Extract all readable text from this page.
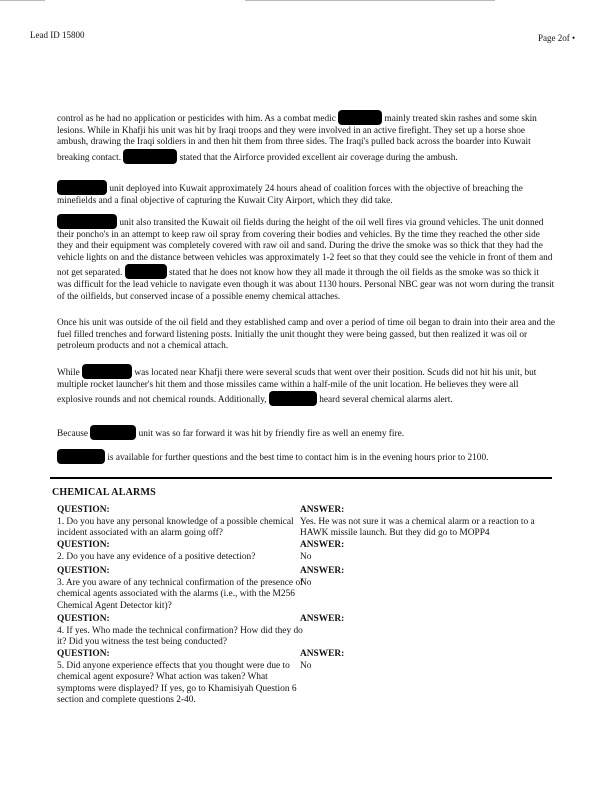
Lead ID 15800	Page 2of •

control as he had no application or pesticides with him. As a combat medic	mainly treated skin rashes and some skin lesions. While in Khafji his unit was hit by Iraqi troops and they were involved in an active firefight. They set up a horse shoe ambush, drawing the Iraqi soldiers in and then hit them from three sides. The Iraqi's pulled back across the boarder into Kuwait breaking contact.	stated that the Airforce provided excellent air coverage during the ambush.

unit deployed into Kuwait approximately 24 hours ahead of coalition forces with the objective of breaching the minefields and a final objective of capturing the Kuwait City Airport, which they did take.

unit also transited the Kuwait oil fields during the height of the oil well fires via ground vehicles. The unit donned their poncho's in an attempt to keep raw oil spray from covering their bodies and vehicles. By the time they reached the other side they and their equipment was completely covered with raw oil and sand. During the drive the smoke was so thick that they had the vehicle lights on and the distance between vehicles was approximately 1-2 feet so that they could see the vehicle in front of them and not get separated.	stated that he does not know how they all made it through the oil fields as the smoke was so thick it was difficult for the lead vehicle to navigate even though it was about 1130 hours. Personal NBC gear was not worn during the transit of the oilfields, but conserved incase of a possible enemy chemical attaches.

Once his unit was outside of the oil field and they established camp and over a period of time oil began to drain into their area and the fuel filled trenches and forward listening posts. Initially the unit thought they were being gassed, but then realized it was oil or petroleum products and not a chemical attach.

While	was located near Khafji there were several scuds that went over their position. Scuds did not hit his unit, but multiple rocket launcher's hit them and those missiles came within a half-mile of the unit location. He believes they were all explosive rounds and not chemical rounds. Additionally,	heard several chemical alarms alert.

Because	unit was so far forward it was hit by friendly fire as well an enemy fire.

is available for further questions and the best time to contact him is in the evening hours prior to 2100.

CHEMICAL ALARMS
QUESTION:
1. Do you have any personal knowledge of a possible chemical incident associated with an alarm going off?
ANSWER:
Yes. He was not sure it was a chemical alarm or a reaction to a HAWK missile launch. But they did go to MOPP4
QUESTION:
2. Do you have any evidence of a positive detection?
ANSWER:
No
QUESTION:
3. Are you aware of any technical confirmation of the presence of chemical agents associated with the alarms (i.e., with the M256 Chemical Agent Detector kit)?
ANSWER:
No
QUESTION:
4. If yes. Who made the technical confirmation? How did they do it? Did you witness the test being conducted?
ANSWER:
QUESTION:
5. Did anyone experience effects that you thought were due to chemical agent exposure? What action was taken? What symptoms were displayed? If yes, go to Khamisiyah Question 6 section and complete questions 2-40.
ANSWER:
No
